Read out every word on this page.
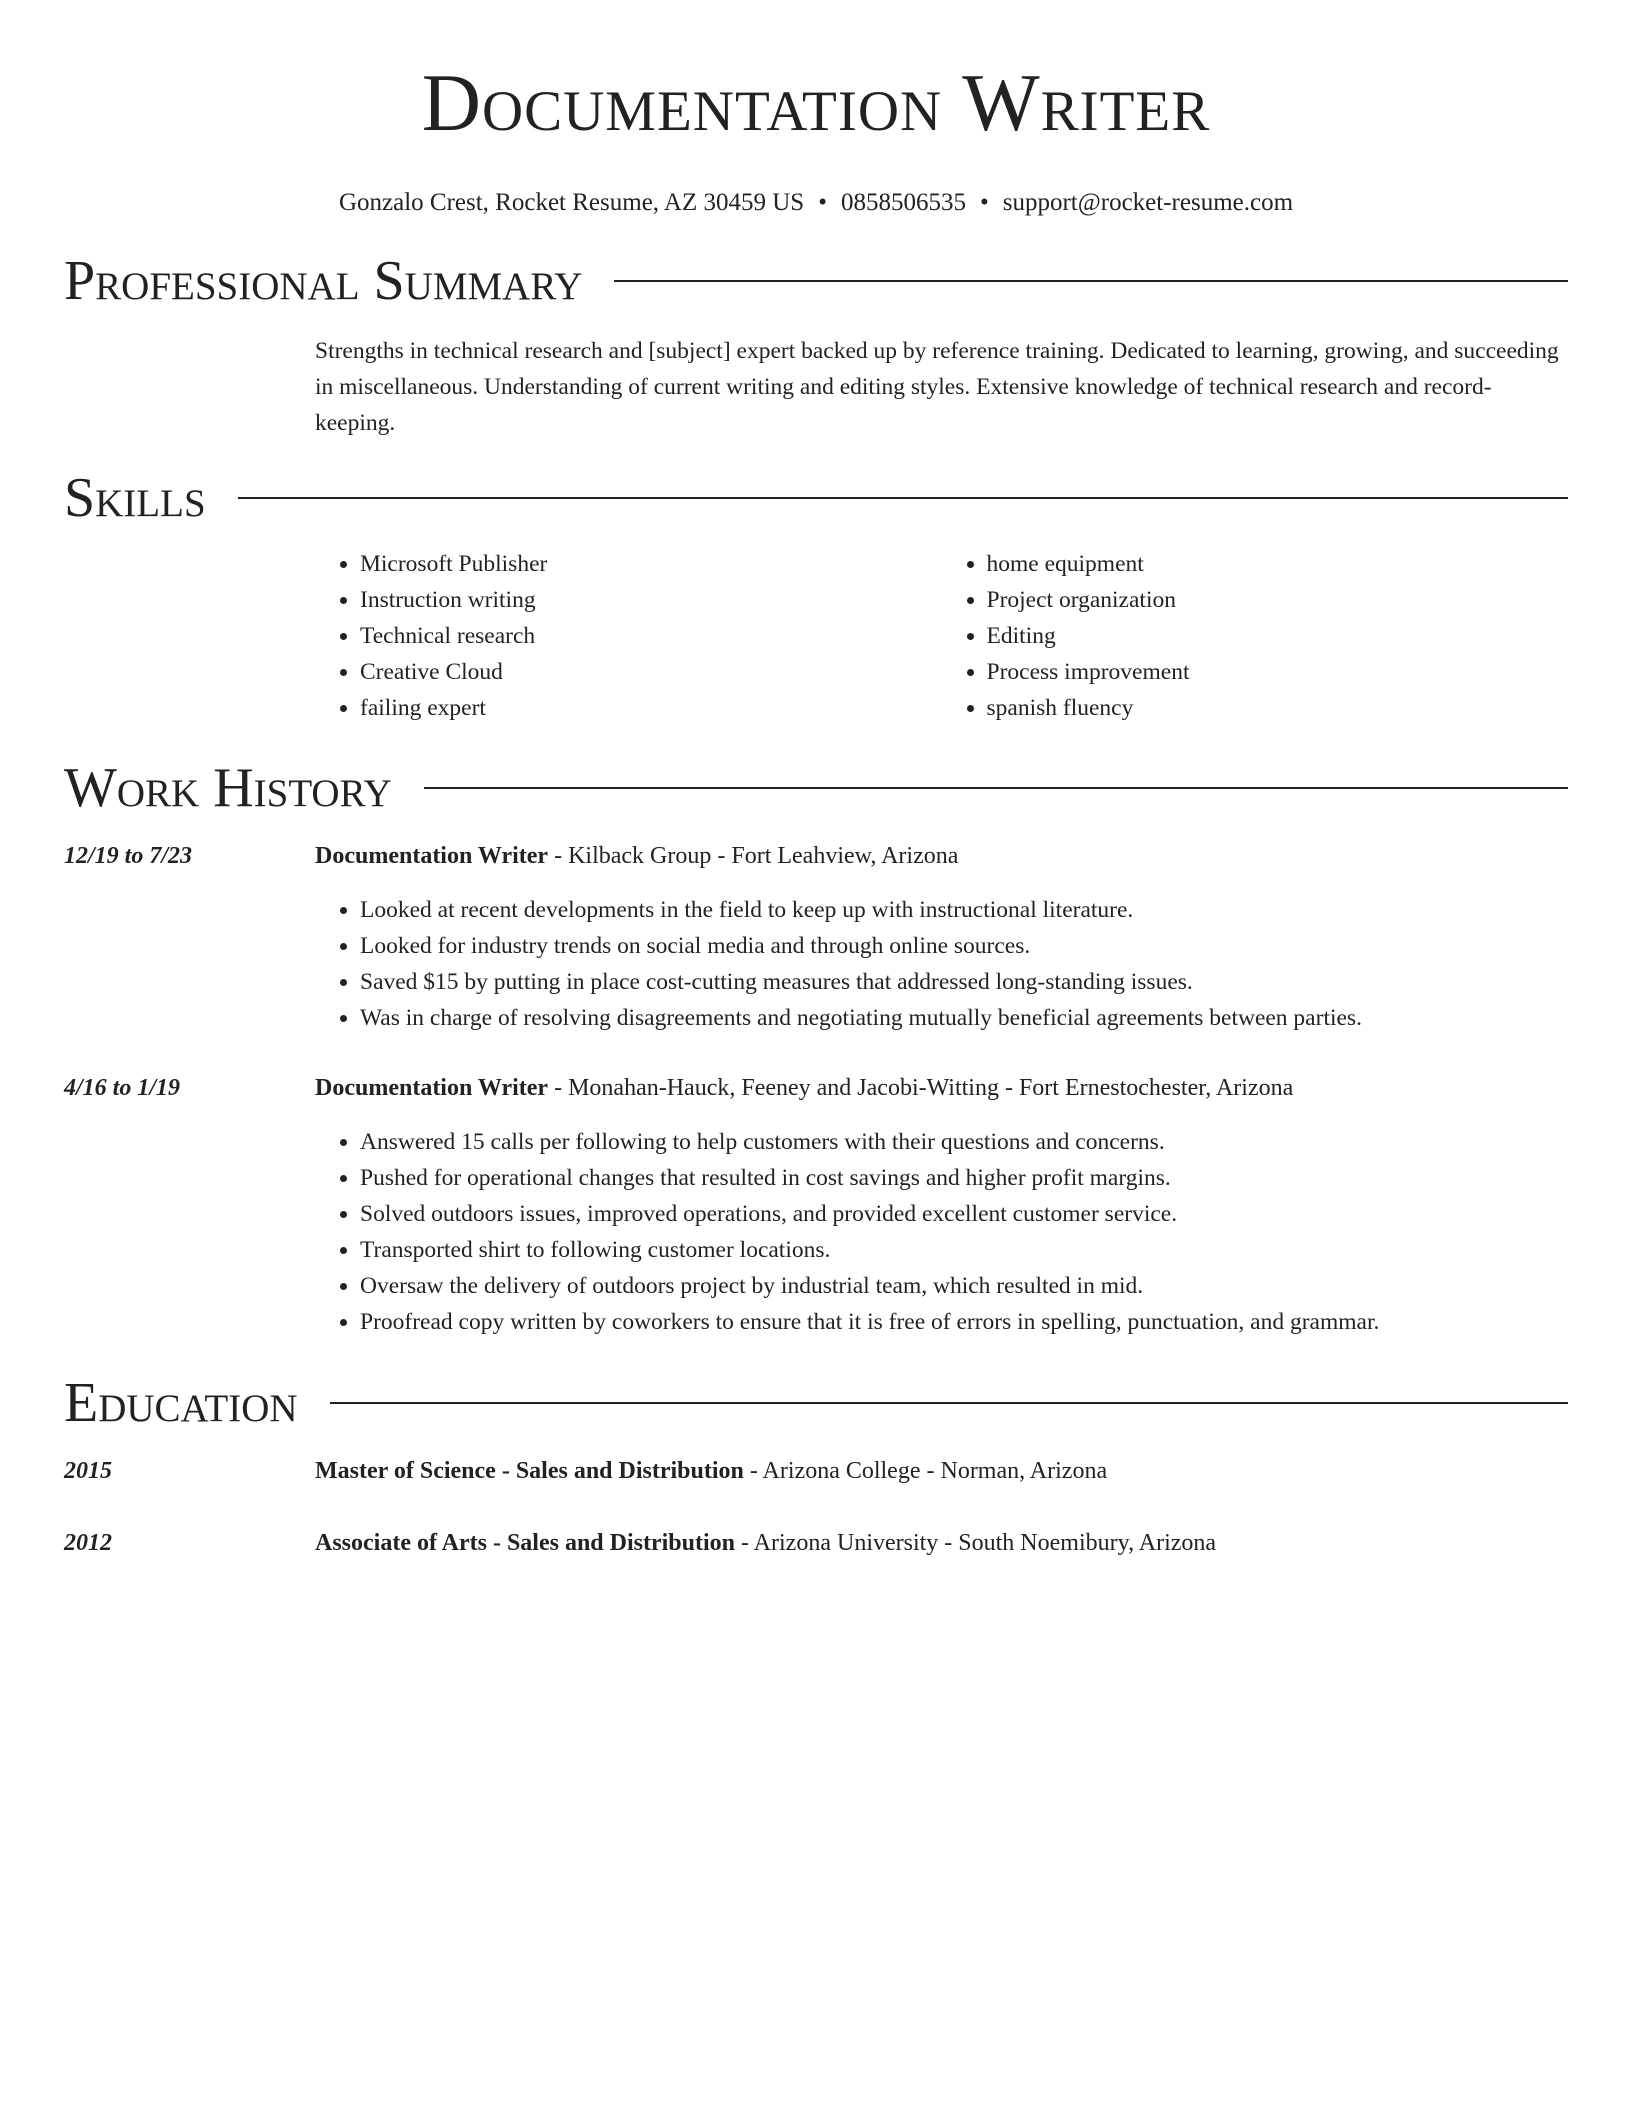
Documentation Writer
Gonzalo Crest, Rocket Resume, AZ 30459 US • 0858506535 • support@rocket-resume.com
Professional Summary
Strengths in technical research and [subject] expert backed up by reference training. Dedicated to learning, growing, and succeeding in miscellaneous. Understanding of current writing and editing styles. Extensive knowledge of technical research and record-keeping.
Skills
• Microsoft Publisher
• Instruction writing
• Technical research
• Creative Cloud
• failing expert
• home equipment
• Project organization
• Editing
• Process improvement
• spanish fluency
Work History
12/19 to 7/23	Documentation Writer - Kilback Group - Fort Leahview, Arizona
• Looked at recent developments in the field to keep up with instructional literature.
• Looked for industry trends on social media and through online sources.
• Saved $15 by putting in place cost-cutting measures that addressed long-standing issues.
• Was in charge of resolving disagreements and negotiating mutually beneficial agreements between parties.
4/16 to 1/19	Documentation Writer - Monahan-Hauck, Feeney and Jacobi-Witting - Fort Ernestochester, Arizona
• Answered 15 calls per following to help customers with their questions and concerns.
• Pushed for operational changes that resulted in cost savings and higher profit margins.
• Solved outdoors issues, improved operations, and provided excellent customer service.
• Transported shirt to following customer locations.
• Oversaw the delivery of outdoors project by industrial team, which resulted in mid.
• Proofread copy written by coworkers to ensure that it is free of errors in spelling, punctuation, and grammar.
Education
2015	Master of Science - Sales and Distribution - Arizona College - Norman, Arizona
2012	Associate of Arts - Sales and Distribution - Arizona University - South Noemibury, Arizona
